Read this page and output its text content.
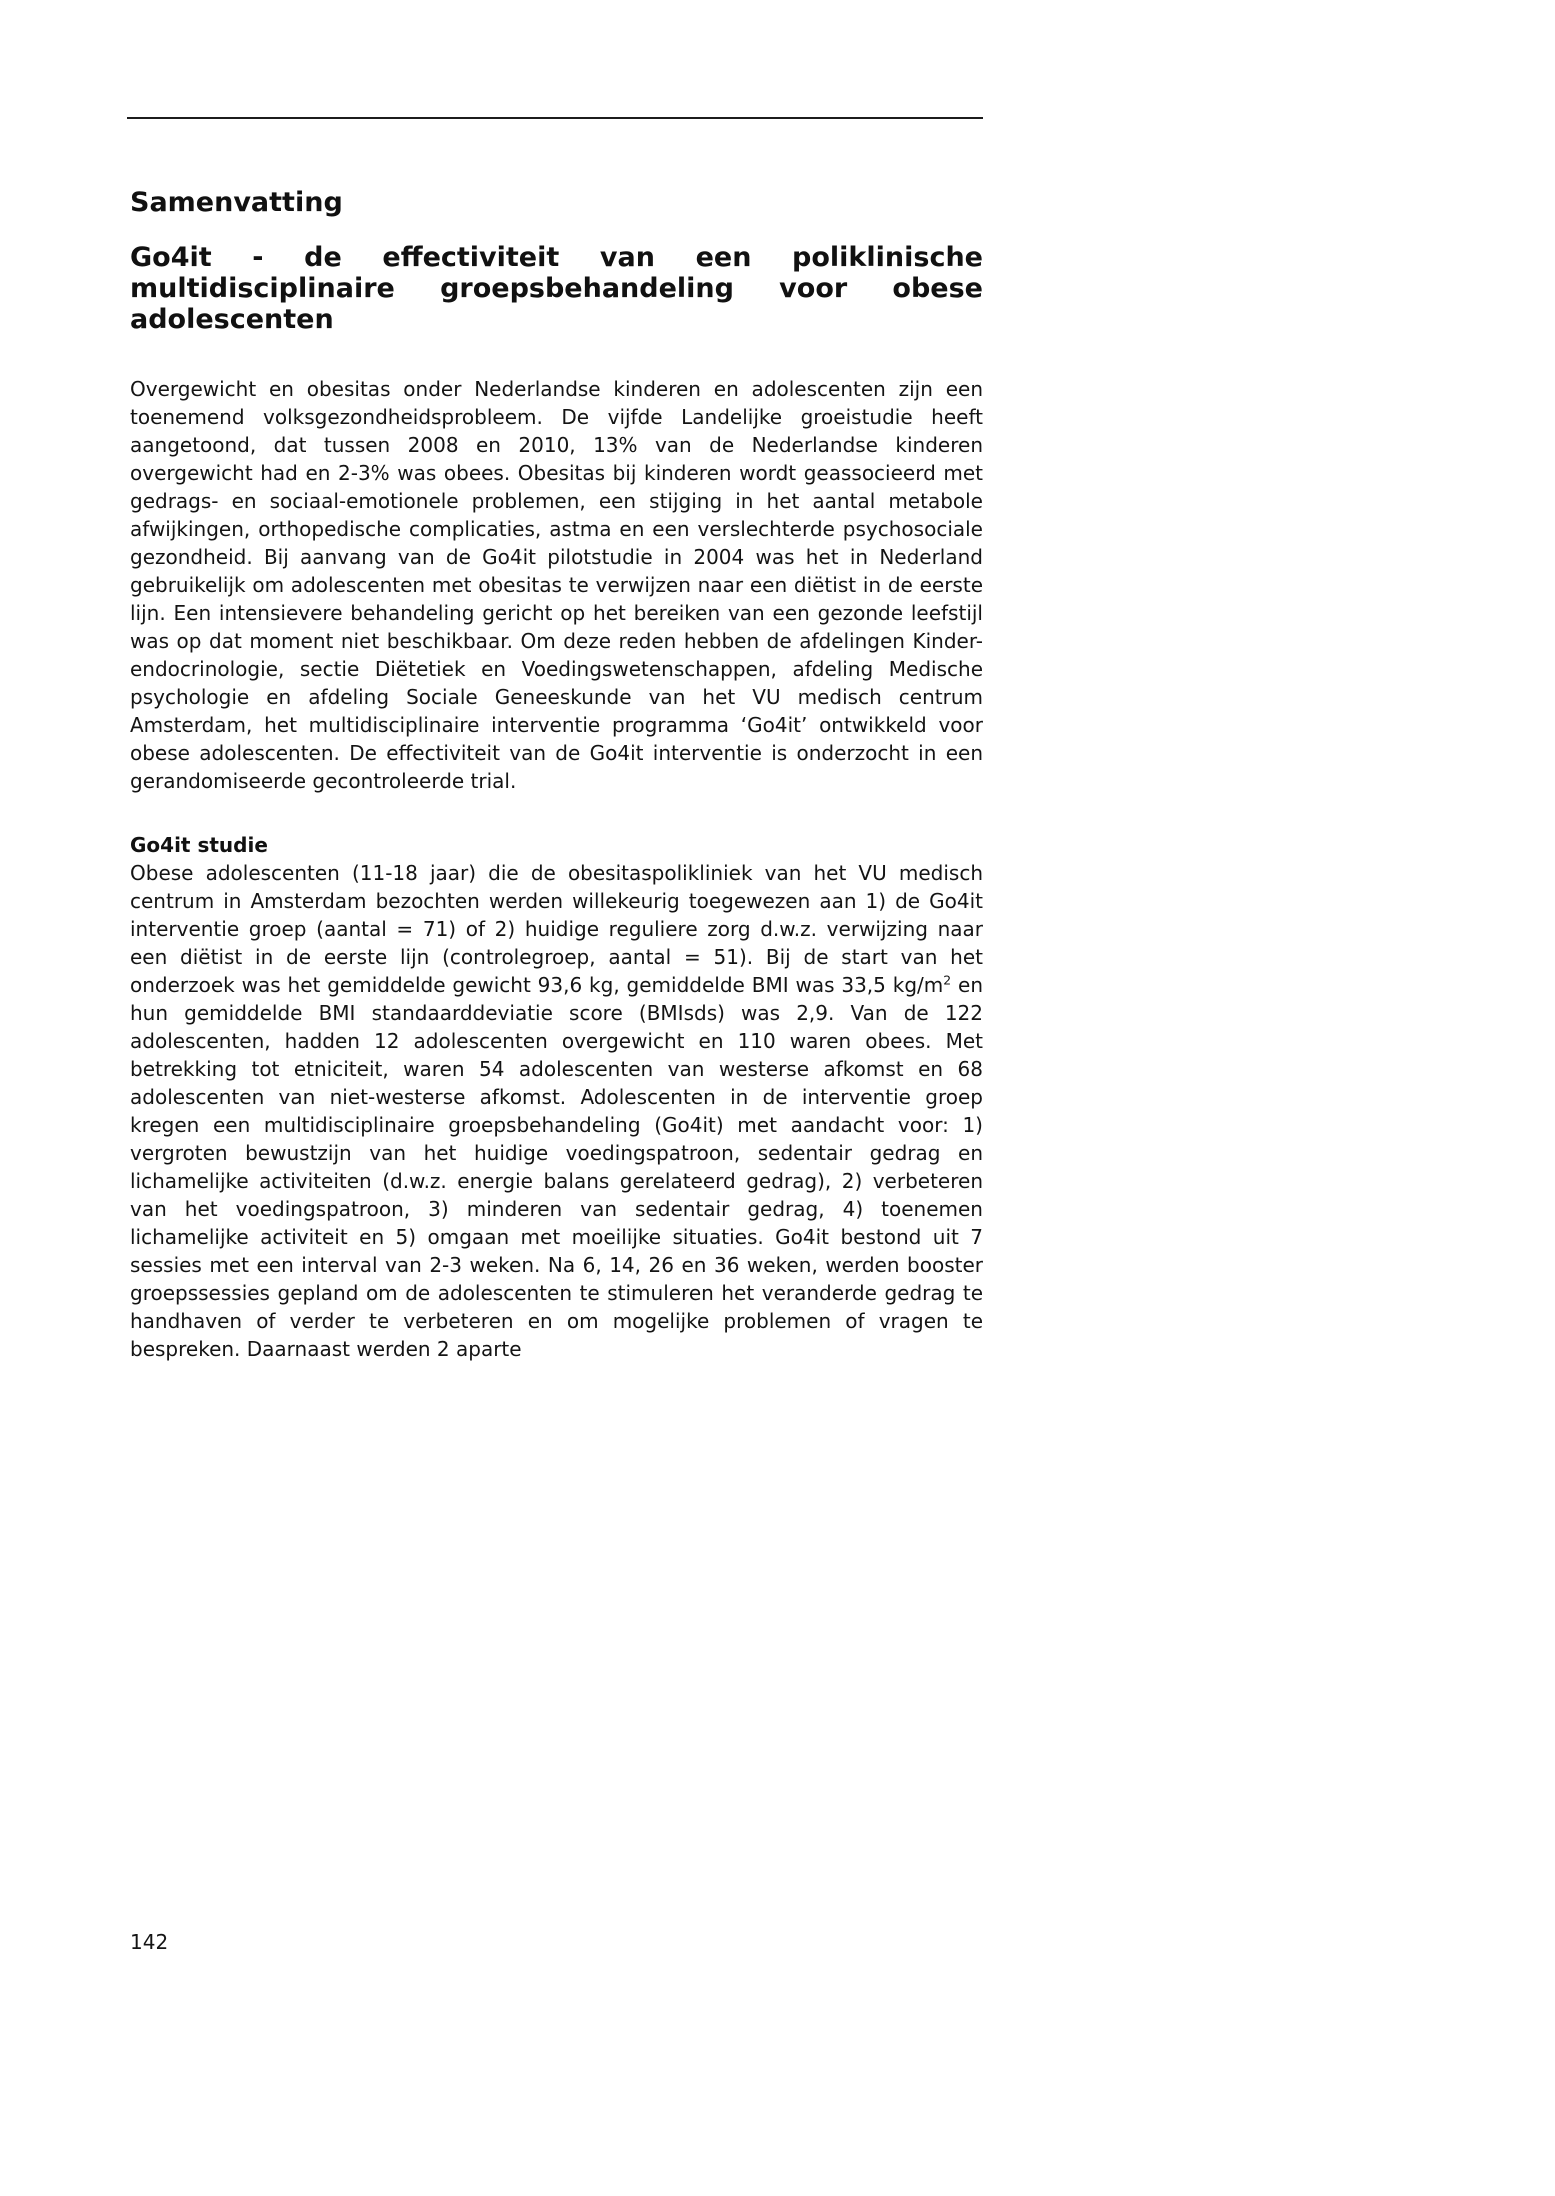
Samenvatting
Go4it - de effectiviteit van een poliklinische
multidisciplinaire groepsbehandeling voor obese
adolescenten

Overgewicht en obesitas onder Nederlandse kinderen en adolescenten zijn een toenemend volksgezondheidsprobleem. De vijfde Landelijke groeistudie heeft aangetoond, dat tussen 2008 en 2010, 13% van de Nederlandse kinderen overgewicht had en 2-3% was obees. Obesitas bij kinderen wordt geassocieerd met gedrags- en sociaal-emotionele problemen, een stijging in het aantal metabole afwijkingen, orthopedische complicaties, astma en een verslechterde psychosociale gezondheid. Bij aanvang van de Go4it pilotstudie in 2004 was het in Nederland gebruikelijk om adolescenten met obesitas te verwijzen naar een diëtist in de eerste lijn. Een intensievere behandeling gericht op het bereiken van een gezonde leefstijl was op dat moment niet beschikbaar. Om deze reden hebben de afdelingen Kinder-endocrinologie, sectie Diëtetiek en Voedingswetenschappen, afdeling Medische psychologie en afdeling Sociale Geneeskunde van het VU medisch centrum Amsterdam, het multidisciplinaire interventie programma ‘Go4it’ ontwikkeld voor obese adolescenten. De effectiviteit van de Go4it interventie is onderzocht in een gerandomiseerde gecontroleerde trial.

Go4it studie

Obese adolescenten (11-18 jaar) die de obesitaspolikliniek van het VU medisch centrum in Amsterdam bezochten werden willekeurig toegewezen aan 1) de Go4it interventie groep (aantal = 71) of 2) huidige reguliere zorg d.w.z. verwijzing naar een diëtist in de eerste lijn (controlegroep, aantal = 51). Bij de start van het onderzoek was het gemiddelde gewicht 93,6 kg, gemiddelde BMI was 33,5 $kg/m^2$ en hun gemiddelde BMI standaarddeviatie score (BMIsds) was 2,9. Van de 122 adolescenten, hadden 12 adolescenten overgewicht en 110 waren obees. Met betrekking tot etniciteit, waren 54 adolescenten van westerse afkomst en 68 adolescenten van niet-westerse afkomst. Adolescenten in de interventie groep kregen een multidisciplinaire groepsbehandeling (Go4it) met aandacht voor: 1) vergroten bewustzijn van het huidige voedingspatroon, sedentair gedrag en lichamelijke activiteiten (d.w.z. energie balans gerelateerd gedrag), 2) verbeteren van het voedingspatroon, 3) minderen van sedentair gedrag, 4) toenemen lichamelijke activiteit en 5) omgaan met moeilijke situaties. Go4it bestond uit 7 sessies met een interval van 2-3 weken. Na 6, 14, 26 en 36 weken, werden booster groepssessies gepland om de adolescenten te stimuleren het veranderde gedrag te handhaven of verder te verbeteren en om mogelijke problemen of vragen te bespreken. Daarnaast werden 2 aparte

142
